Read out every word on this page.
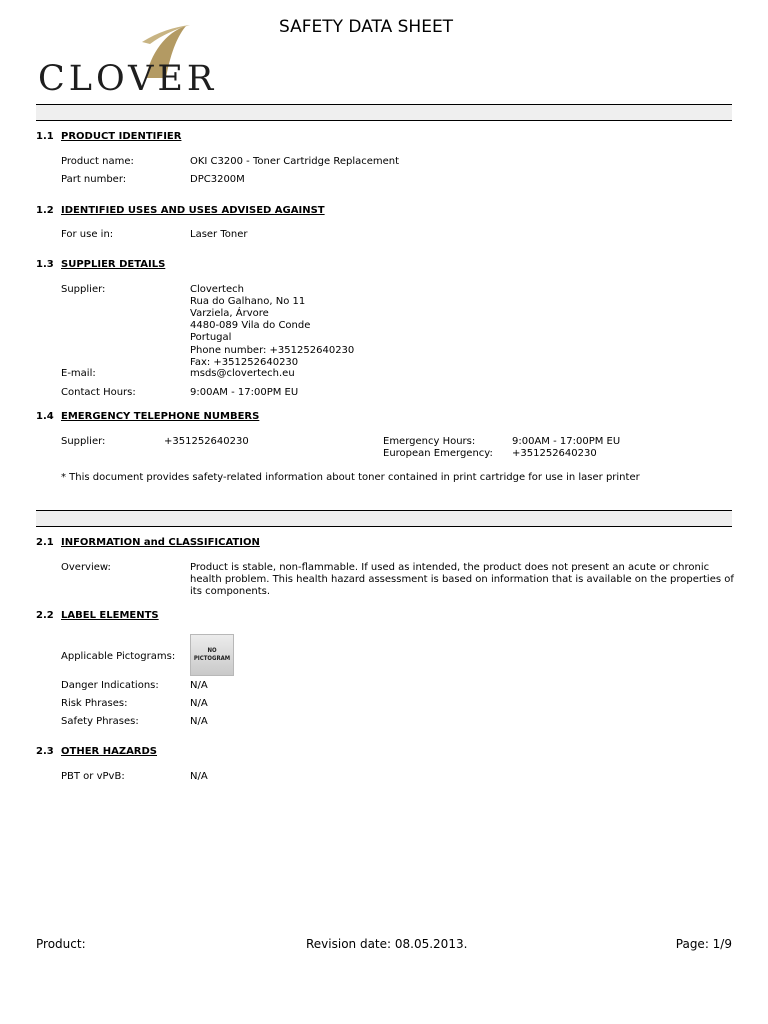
CLOVER
SAFETY DATA SHEET
1.1 PRODUCT IDENTIFIER
Product name:	OKI C3200 - Toner Cartridge Replacement
Part number:	DPC3200M
1.2 IDENTIFIED USES AND USES ADVISED AGAINST
For use in:	Laser Toner
1.3 SUPPLIER DETAILS
Supplier:	Clovertech
Rua do Galhano, No 11
Varziela, Árvore
4480-089 Vila do Conde
Portugal
Phone number: +351252640230
Fax: +351252640230
E-mail:	msds@clovertech.eu
Contact Hours:	9:00AM - 17:00PM EU
1.4 EMERGENCY TELEPHONE NUMBERS
Supplier:	+351252640230	Emergency Hours:	9:00AM - 17:00PM EU
European Emergency: +351252640230
* This document provides safety-related information about toner contained in print cartridge for use in laser printer
2.1 INFORMATION and CLASSIFICATION
Overview:	Product is stable, non-flammable. If used as intended, the product does not present an acute or chronic health problem. This health hazard assessment is based on information that is available on the properties of its components.
2.2 LABEL ELEMENTS
Applicable Pictograms:
NO
PICTOGRAM
Danger Indications:	N/A
Risk Phrases:	N/A
Safety Phrases:	N/A
2.3 OTHER HAZARDS
PBT or vPvB:	N/A
Product:	Revision date: 08.05.2013.	Page: 1/9
